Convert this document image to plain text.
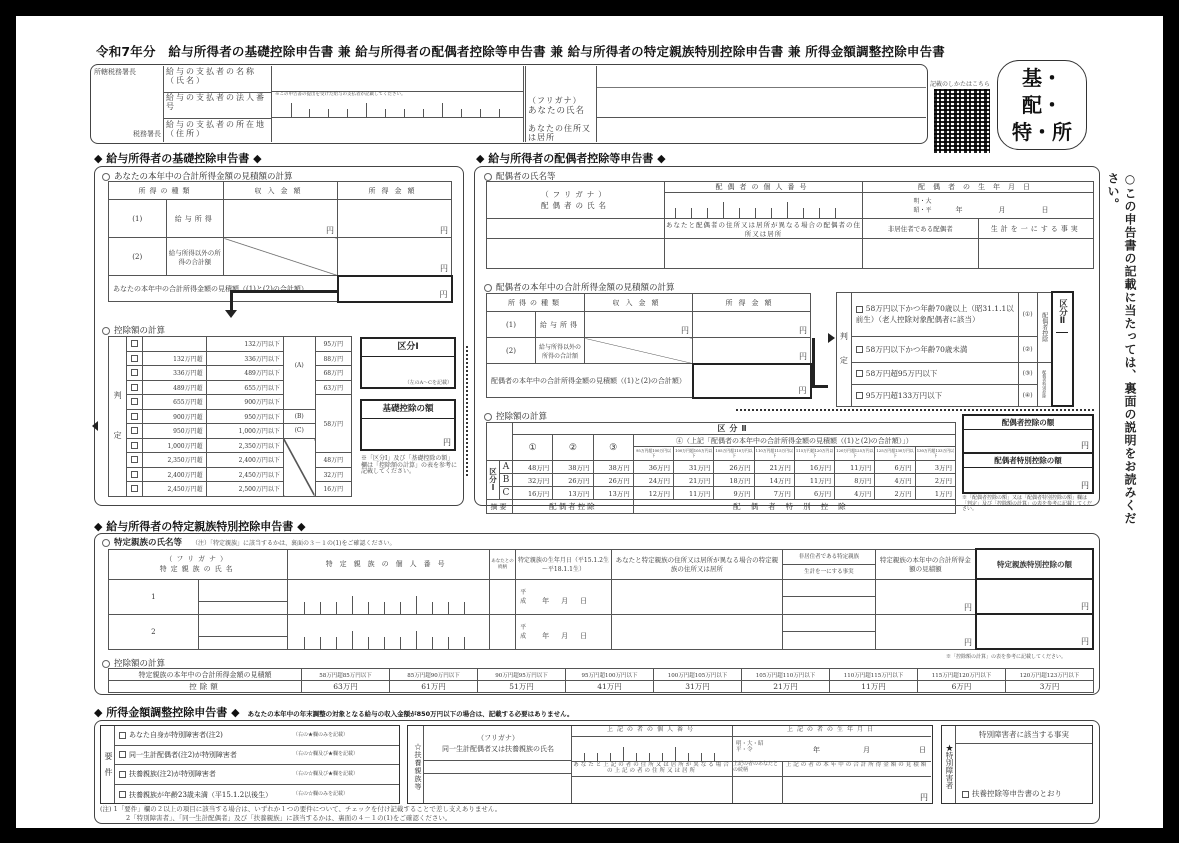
令和7年分　給与所得者の基礎控除申告書 兼 給与所得者の配偶者控除等申告書 兼 給与所得者の特定親族特別控除申告書 兼 所得金額調整控除申告書
所轄税務署長
税務署長
給与の支払者の名称（氏名）
給与の支払者の法人番号
※この申告書の提出を受けた給与の支払者が記載してください。
給与の支払者の所在地（住所）
（フリガナ）
あなたの氏名
あなたの住所又は居所
記載のしかたはこちら	基・配・特・所
◆ 給与所得者の基礎控除申告書 ◆
あなたの本年中の合計所得金額の見積額の計算
所得の種類		収入金額	所得金額
(1)	給与所得	円	円

(2)	給与所得以外の所得の合計額		円

あなたの本年中の合計所得金額の見積額（(1)と(2)の合計額）			円
控除額の計算
判定			132万円以下	(A)	95万円
		132万円超	336万円以下		88万円
		336万円超	489万円以下		68万円
		489万円超	655万円以下		63万円
		655万円超	900万円以下		58万円
		900万円超	950万円以下	(B)	
		950万円超	1,000万円以下	(C)	
		1,000万円超	2,350万円以下		
		2,350万円超	2,400万円以下		48万円
		2,400万円超	2,450万円以下		32万円
		2,450万円超	2,500万円以下		16万円
区分Ⅰ
（左のA～Cを記載）
基礎控除の額
円
※「区分Ⅰ」及び「基礎控除の額」欄は「控除額の計算」の表を参考に記載してください。
◆ 給与所得者の配偶者控除等申告書 ◆
配偶者の氏名等
（フリガナ）
配偶者の氏名	配偶者の個人番号	配偶者の生年月日	

		明・大 昭・平 年 月 日	
	あなたと配偶者の住所又は居所が異なる場合の配偶者の住所又は居所	非居住者である配偶者	生計を一にする事実

配偶者の本年中の合計所得金額の見積額の計算
所得の種類		収入金額	所得金額
(1)	給与所得	円	円

(2)	給与所得以外の所得の合計額		円

配偶者の本年中の合計所得金額の見積額（(1)と(2)の合計額）			円
判定	58万円以下かつ年齢70歳以上（昭31.1.1以前生）（老人控除対象配偶者に該当）	(①)	配偶者控除	区分Ⅱ

	58万円以下かつ年齢70歳未満	(②)		
	58万円超95万円以下	(③)	配偶者特別控除	
	95万円超133万円以下	(④)		
控除額の計算
		区分Ⅱ										
		①	②	③	④（上記「配偶者の本年中の合計所得金額の見積額（(1)と(2)の合計額）」）							
					95万円超100万円以下	100万円超105万円以下	105万円超110万円以下	110万円超115万円以下	115万円超120万円以下	120万円超125万円以下	125万円超130万円以下	130万円超133万円以下
区分Ⅰ	A	48万円	38万円	38万円	36万円	31万円	26万円	21万円	16万円	11万円	6万円	3万円
	B	32万円	26万円	26万円	24万円	21万円	18万円	14万円	11万円	8万円	4万円	2万円
	C	16万円	13万円	13万円	12万円	11万円	9万円	7万円	6万円	4万円	2万円	1万円
摘要		配偶者控除			配偶者特別控除							
配偶者控除の額
円
配偶者特別控除の額
円
※「配偶者控除の額」又は「配偶者特別控除の額」欄は「判定」及び「控除額の計算」の表を参考に記載してください。	○この申告書の記載に当たっては、裏面の説明をお読みください。
◆ 給与所得者の特定親族特別控除申告書 ◆
特定親族の氏名等 （注）「特定親族」に該当するかは、裏面の３－１の(1)をご確認ください。
（フリガナ）
特定親族の氏名
	特定親族の個人番号	あなたとの続柄	特定親族の生年月日（平15.1.2生～平18.1.1生）	あなたと特定親族の住所又は居所が異なる場合の特定親族の住所又は居所	
非居住者である特定親族
生計を一にする事実
	特定親族の本年中の合計所得金額の見積額	特定親族特別控除の額
1				平成 年 月 日			円	円

2				平成 年 月 日			円	円
※「控除額の計算」の表を参考に記載してください。
控除額の計算
特定親族の本年中の合計所得金額の見積額	58万円超85万円以下	85万円超90万円以下	90万円超95万円以下	95万円超100万円以下	100万円超105万円以下	105万円超110万円以下	110万円超115万円以下	115万円超120万円以下	120万円超123万円以下
控除額	63万円	61万円	51万円	41万円	31万円	21万円	11万円	6万円	3万円
◆ 所得金額調整控除申告書 ◆ あなたの本年中の年末調整の対象となる給与の収入金額が850万円以下の場合は、記載する必要はありません。
要件
あなた自身が特別障害者(注2)	（右の★欄のみを記載）
同一生計配偶者(注2)が特別障害者	（右の☆欄及び★欄を記載）
扶養親族(注2)が特別障害者	（右の☆欄及び★欄を記載）
扶養親族が年齢23歳未満（平15.1.2以後生）	（右の☆欄のみを記載）
☆扶養親族等
（フリガナ）
同一生計配偶者又は扶養親族の氏名
上記の者の個人番号
あなたと上記の者の住所又は居所が異なる場合の上記の者の住所又は居所
上記の者の生年月日
明・大・昭 平・令	年	月	日
上記の者のあなたとの続柄
上記の者の本年中の合計所得金額の見積額
円
★特別障害者
特別障害者に該当する事実
扶養控除等申告書のとおり
(注) 1「要件」欄の２以上の項目に該当する場合は、いずれか１つの要件について、チェックを付け記載することで差し支えありません。
2「特別障害者」、「同一生計配偶者」及び「扶養親族」に該当するかは、裏面の４－１の(1)をご確認ください。
